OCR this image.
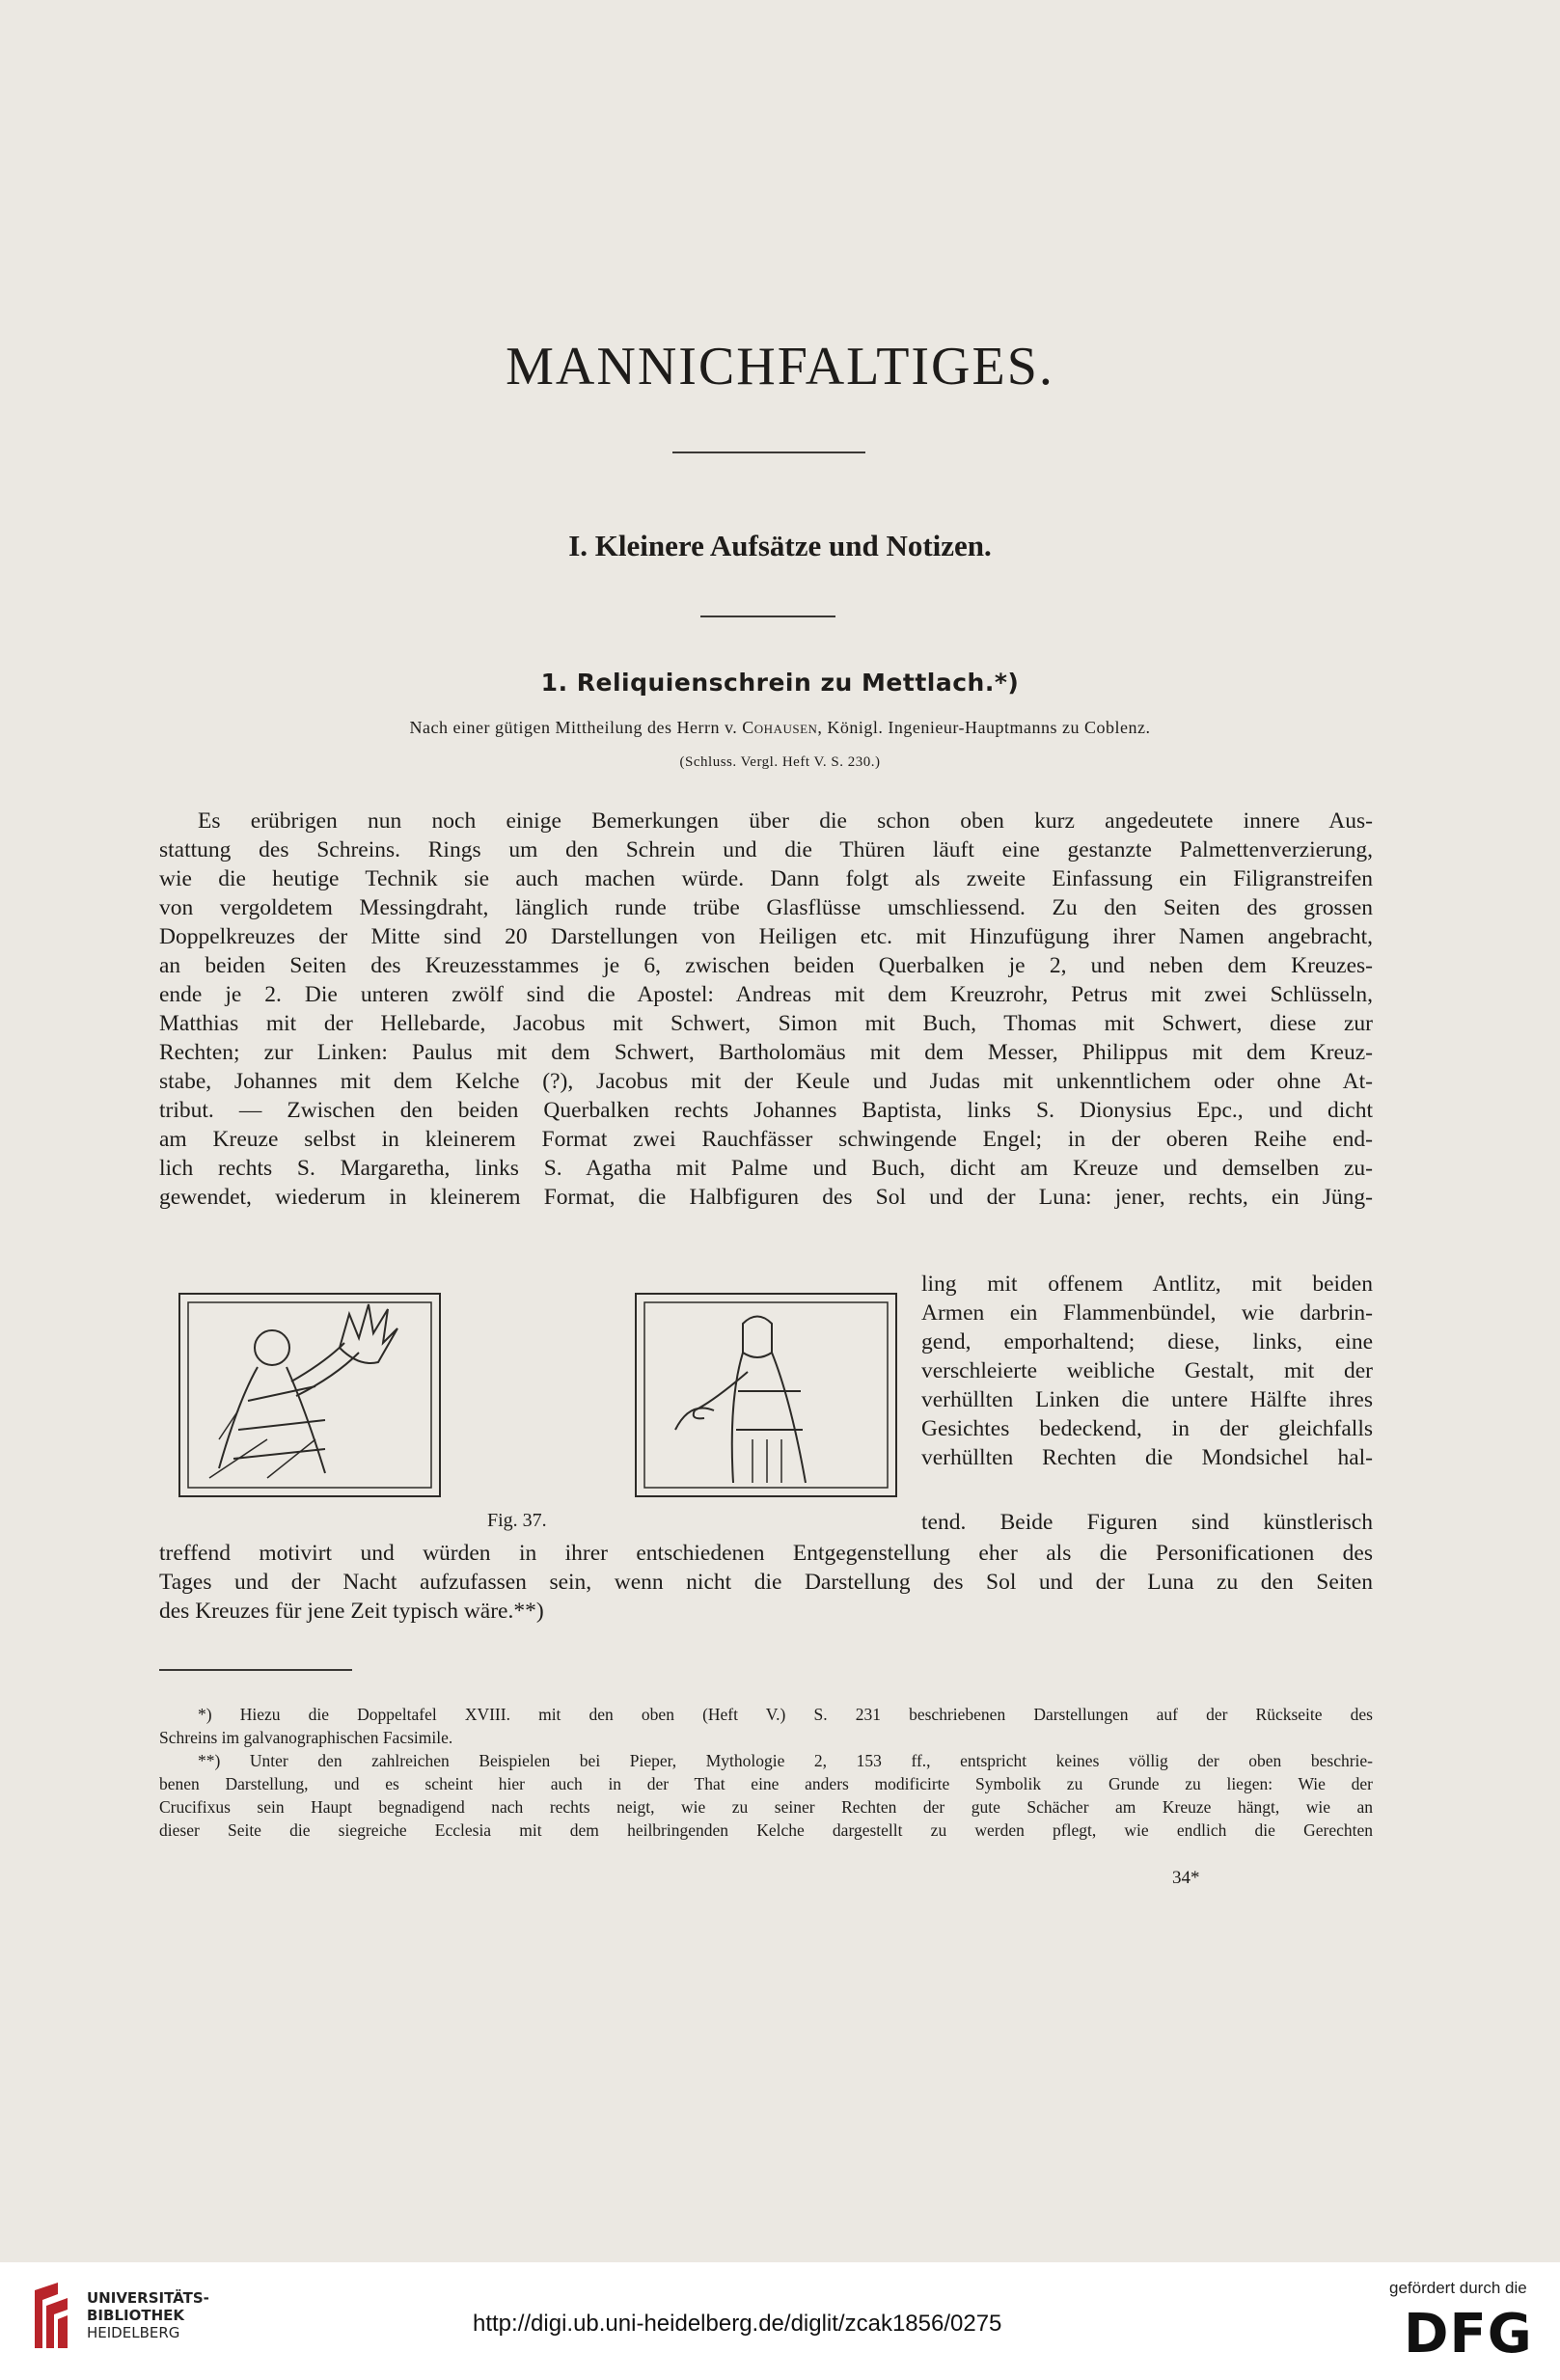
MANNICHFALTIGES.
I. Kleinere Aufsätze und Notizen.
1. Reliquienschrein zu Mettlach.*)
Nach einer gütigen Mittheilung des Herrn v. Cohausen, Königl. Ingenieur-Hauptmanns zu Coblenz.
(Schluss. Vergl. Heft V. S. 230.)
Es erübrigen nun noch einige Bemerkungen über die schon oben kurz angedeutete innere Aus-
stattung des Schreins. Rings um den Schrein und die Thüren läuft eine gestanzte Palmettenverzierung,
wie die heutige Technik sie auch machen würde. Dann folgt als zweite Einfassung ein Filigranstreifen
von vergoldetem Messingdraht, länglich runde trübe Glasflüsse umschliessend. Zu den Seiten des grossen
Doppelkreuzes der Mitte sind 20 Darstellungen von Heiligen etc. mit Hinzufügung ihrer Namen angebracht,
an beiden Seiten des Kreuzesstammes je 6, zwischen beiden Querbalken je 2, und neben dem Kreuzes-
ende je 2. Die unteren zwölf sind die Apostel: Andreas mit dem Kreuzrohr, Petrus mit zwei Schlüsseln,
Matthias mit der Hellebarde, Jacobus mit Schwert, Simon mit Buch, Thomas mit Schwert, diese zur
Rechten; zur Linken: Paulus mit dem Schwert, Bartholomäus mit dem Messer, Philippus mit dem Kreuz-
stabe, Johannes mit dem Kelche (?), Jacobus mit der Keule und Judas mit unkenntlichem oder ohne At-
tribut. — Zwischen den beiden Querbalken rechts Johannes Baptista, links S. Dionysius Epc., und dicht
am Kreuze selbst in kleinerem Format zwei Rauchfässer schwingende Engel; in der oberen Reihe end-
lich rechts S. Margaretha, links S. Agatha mit Palme und Buch, dicht am Kreuze und demselben zu-
gewendet, wiederum in kleinerem Format, die Halbfiguren des Sol und der Luna: jener, rechts, ein Jüng-
ling mit offenem Antlitz, mit beiden
Armen ein Flammenbündel, wie darbrin-
gend, emporhaltend; diese, links, eine
verschleierte weibliche Gestalt, mit der
verhüllten Linken die untere Hälfte ihres
Gesichtes bedeckend, in der gleichfalls
verhüllten Rechten die Mondsichel hal-
tend. Beide Figuren sind künstlerisch
treffend motivirt und würden in ihrer entschiedenen Entgegenstellung eher als die Personificationen des
Tages und der Nacht aufzufassen sein, wenn nicht die Darstellung des Sol und der Luna zu den Seiten
des Kreuzes für jene Zeit typisch wäre.**)
Fig. 37.
*) Hiezu die Doppeltafel XVIII. mit den oben (Heft V.) S. 231 beschriebenen Darstellungen auf der Rückseite des
Schreins im galvanographischen Facsimile.
**) Unter den zahlreichen Beispielen bei Pieper, Mythologie 2, 153 ff., entspricht keines völlig der oben beschrie-
benen Darstellung, und es scheint hier auch in der That eine anders modificirte Symbolik zu Grunde zu liegen: Wie der
Crucifixus sein Haupt begnadigend nach rechts neigt, wie zu seiner Rechten der gute Schächer am Kreuze hängt, wie an
dieser Seite die siegreiche Ecclesia mit dem heilbringenden Kelche dargestellt zu werden pflegt, wie endlich die Gerechten
34*
UNIVERSITÄTS-
BIBLIOTHEK
HEIDELBERG	http://digi.ub.uni-heidelberg.de/diglit/zcak1856/0275
gefördert durch die
DFG
